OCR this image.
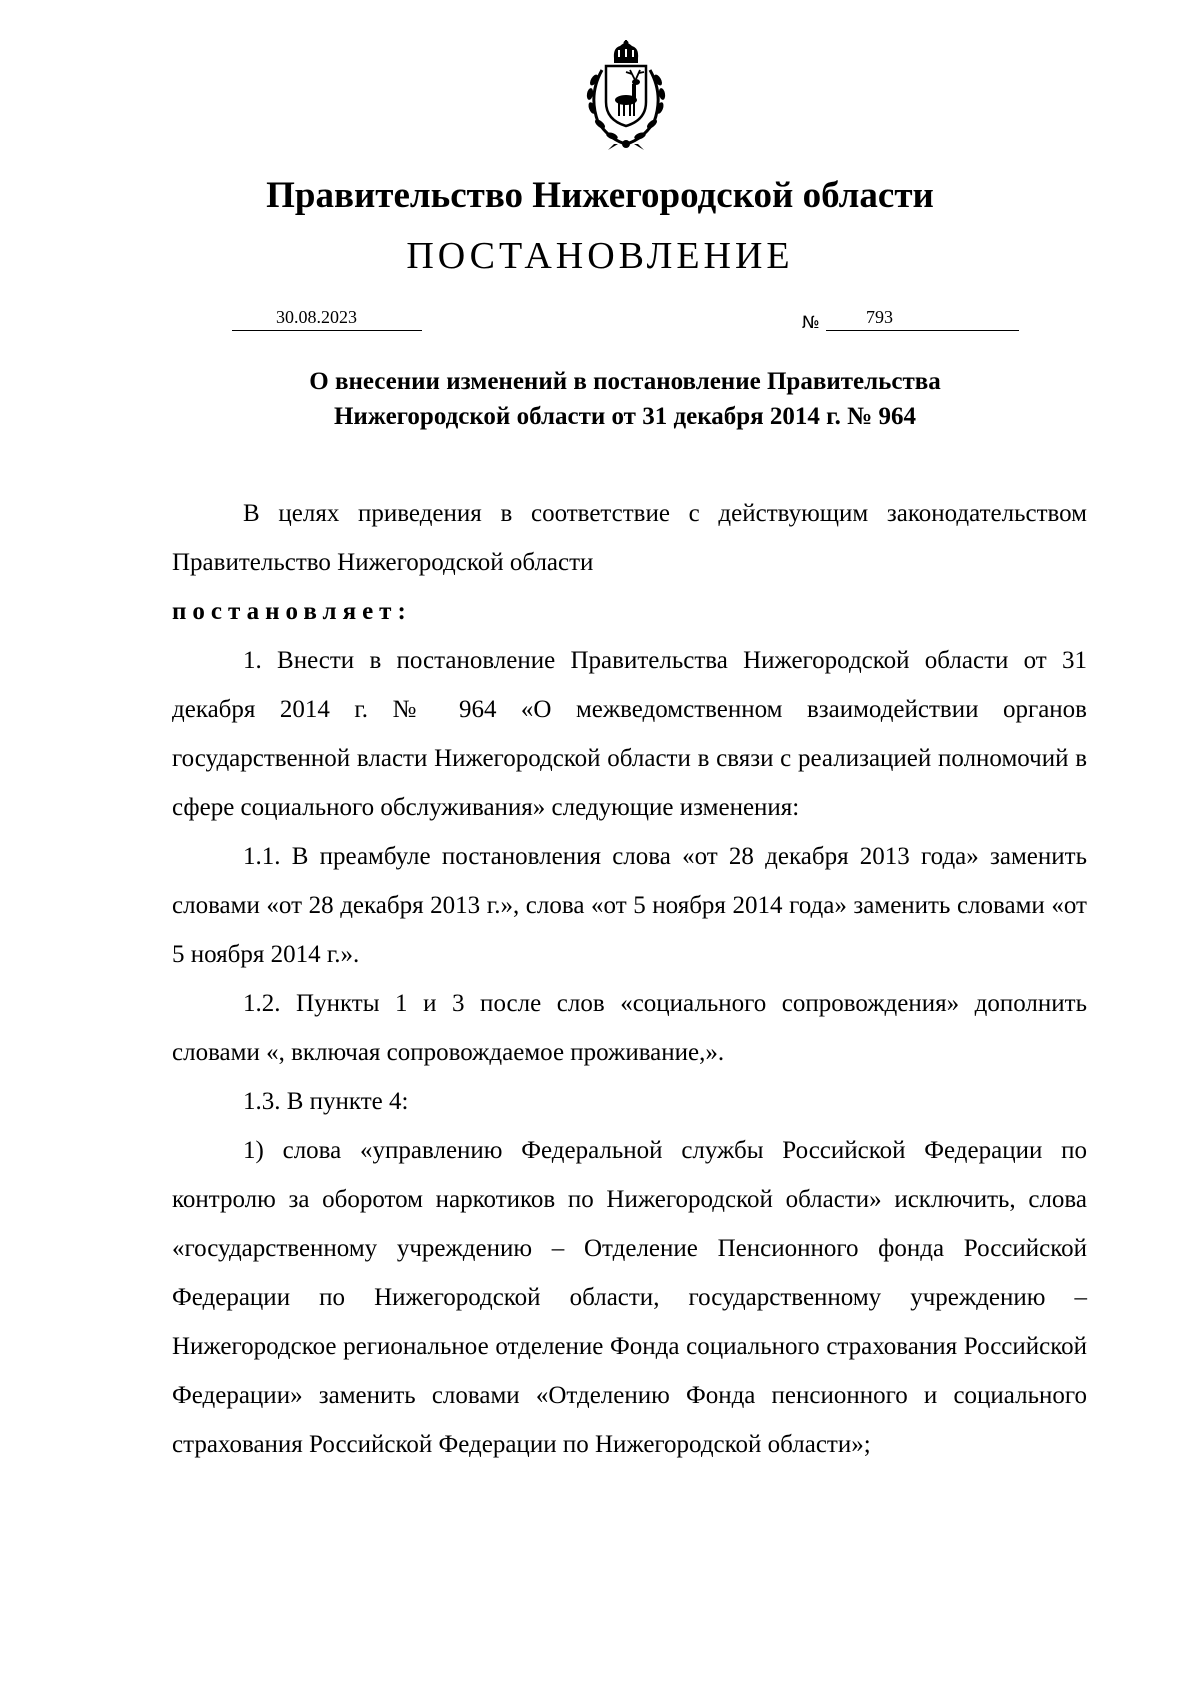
Правительство Нижегородской области
ПОСТАНОВЛЕНИЕ
30.08.2023	№	793
О внесении изменений в постановление Правительства
Нижегородской области от 31 декабря 2014 г. № 964

В целях приведения в соответствие с действующим законодательством Правительство Нижегородской области

постановляет:

1. Внести в постановление Правительства Нижегородской области от 31 декабря 2014 г. № 964 «О межведомственном взаимодействии органов государственной власти Нижегородской области в связи с реализацией полномочий в сфере социального обслуживания» следующие изменения:

1.1. В преамбуле постановления слова «от 28 декабря 2013 года» заменить словами «от 28 декабря 2013 г.», слова «от 5 ноября 2014 года» заменить словами «от 5 ноября 2014 г.».

1.2. Пункты 1 и 3 после слов «социального сопровождения» дополнить словами «, включая сопровождаемое проживание,».

1.3. В пункте 4:

1) слова «управлению Федеральной службы Российской Федерации по контролю за оборотом наркотиков по Нижегородской области» исключить, слова «государственному учреждению – Отделение Пенсионного фонда Российской Федерации по Нижегородской области, государственному учреждению – Нижегородское региональное отделение Фонда социального страхования Российской Федерации» заменить словами «Отделению Фонда пенсионного и социального страхования Российской Федерации по Нижегородской области»;
